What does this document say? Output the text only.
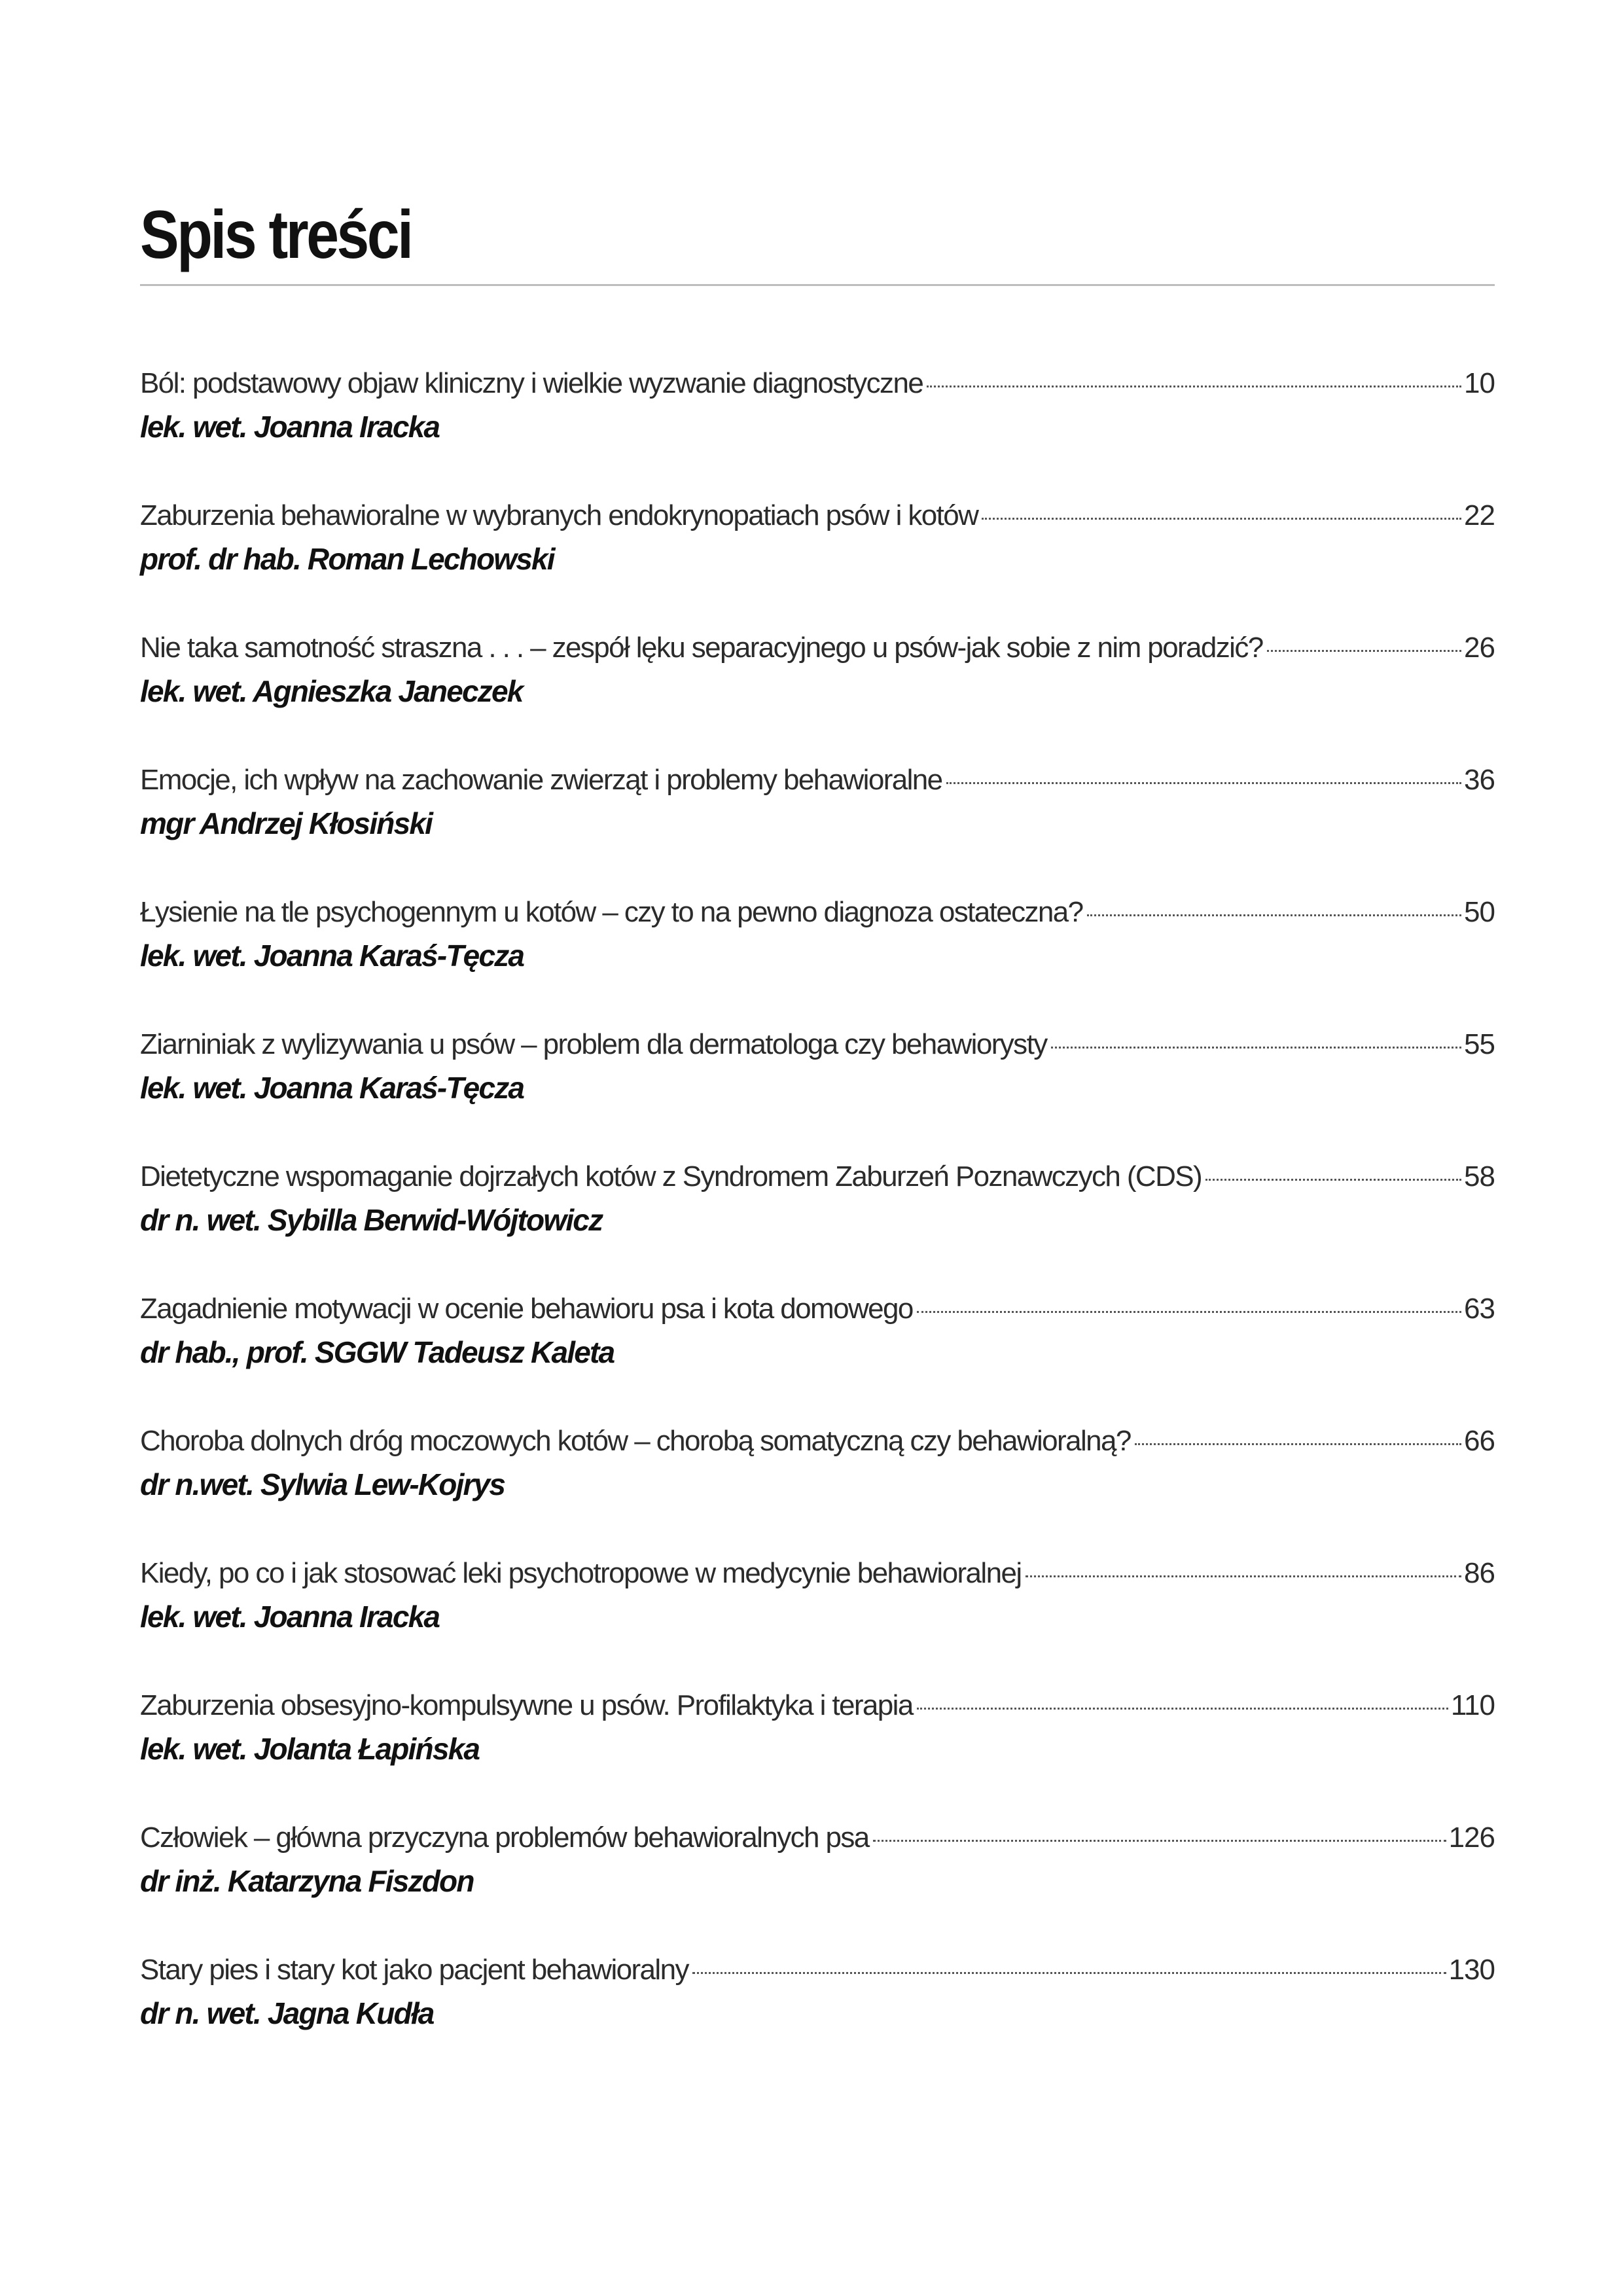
Spis treści
Ból: podstawowy objaw kliniczny i wielkie wyzwanie diagnostyczne	10
lek. wet. Joanna Iracka
Zaburzenia behawioralne w wybranych endokrynopatiach psów i kotów	22
prof. dr hab. Roman Lechowski
Nie taka samotność straszna . . . – zespół lęku separacyjnego u psów-jak sobie z nim poradzić?	26
lek. wet. Agnieszka Janeczek
Emocje, ich wpływ na zachowanie zwierząt i problemy behawioralne	36
mgr Andrzej Kłosiński
Łysienie na tle psychogennym u kotów – czy to na pewno diagnoza ostateczna?	50
lek. wet. Joanna Karaś-Tęcza
Ziarniniak z wylizywania u psów – problem dla dermatologa czy behawiorysty	55
lek. wet. Joanna Karaś-Tęcza
Dietetyczne wspomaganie dojrzałych kotów z Syndromem Zaburzeń Poznawczych (CDS)	58
dr n. wet. Sybilla Berwid-Wójtowicz
Zagadnienie motywacji w ocenie behawioru psa i kota domowego	63
dr hab., prof. SGGW Tadeusz Kaleta
Choroba dolnych dróg moczowych kotów – chorobą somatyczną czy behawioralną?	66
dr n.wet. Sylwia Lew-Kojrys
Kiedy, po co i jak stosować leki psychotropowe w medycynie behawioralnej	86
lek. wet. Joanna Iracka
Zaburzenia obsesyjno-kompulsywne u psów. Profilaktyka i terapia	110
lek. wet. Jolanta Łapińska
Człowiek – główna przyczyna problemów behawioralnych psa	126
dr inż. Katarzyna Fiszdon
Stary pies i stary kot jako pacjent behawioralny	130
dr n. wet. Jagna Kudła
